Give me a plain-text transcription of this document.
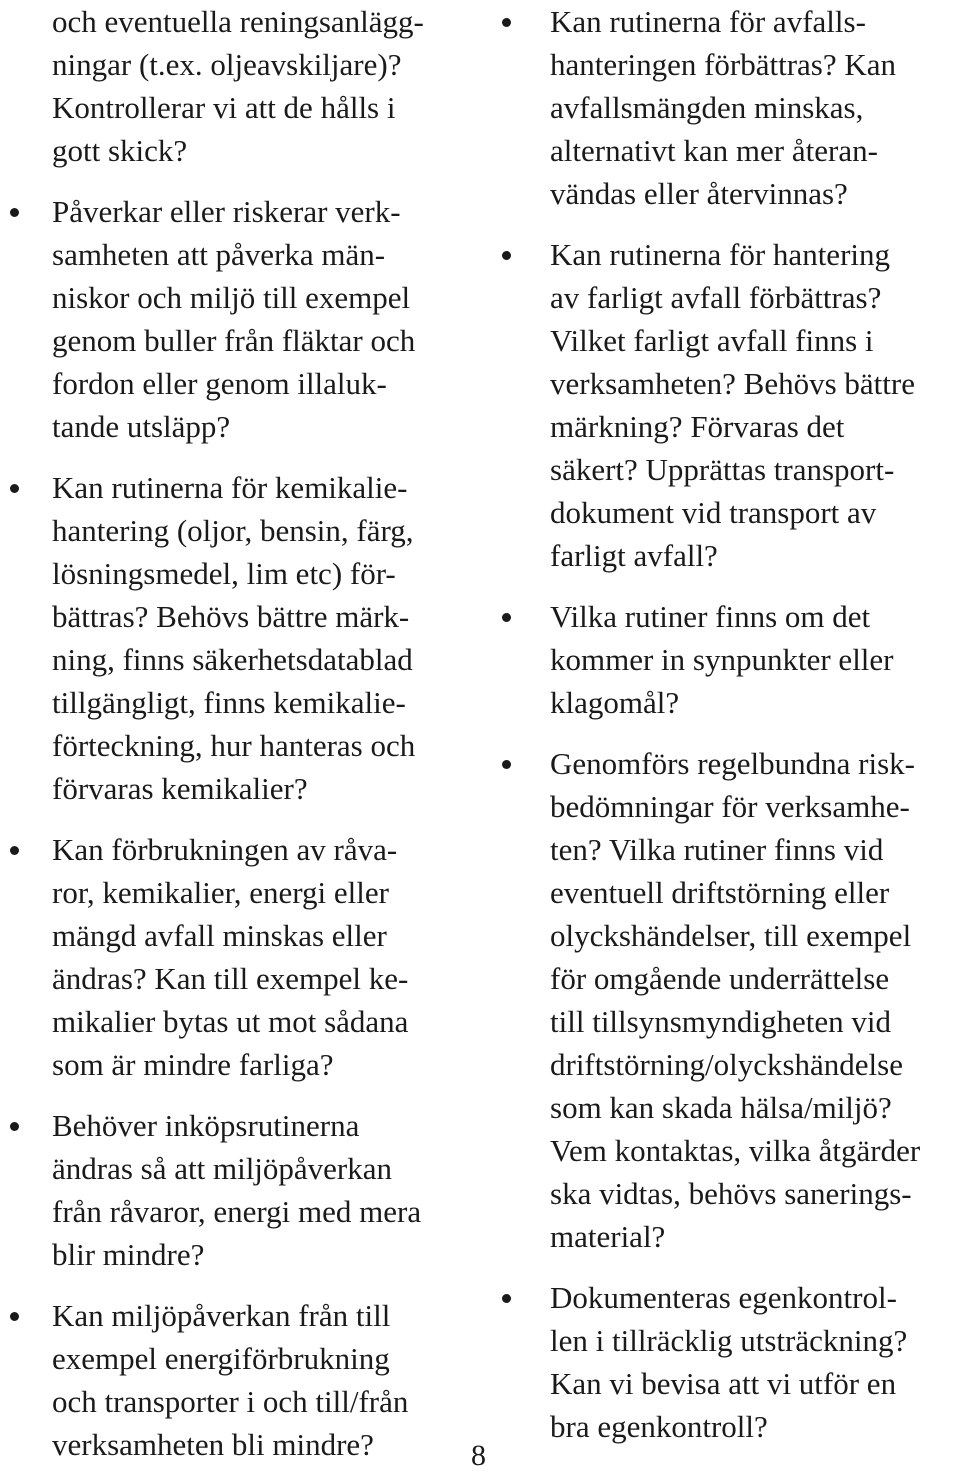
och eventuella reningsanlägg-
ningar (t.ex. oljeavskiljare)?
Kontrollerar vi att de hålls i
gott skick?
Påverkar eller riskerar verk-
samheten att påverka män-
niskor och miljö till exempel
genom buller från fläktar och
fordon eller genom illaluk-
tande utsläpp?
Kan rutinerna för kemikalie-
hantering (oljor, bensin, färg,
lösningsmedel, lim etc) för-
bättras? Behövs bättre märk-
ning, finns säkerhetsdatablad
tillgängligt, finns kemikalie-
förteckning, hur hanteras och
förvaras kemikalier?
Kan förbrukningen av råva-
ror, kemikalier, energi eller
mängd avfall minskas eller
ändras? Kan till exempel ke-
mikalier bytas ut mot sådana
som är mindre farliga?
Behöver inköpsrutinerna
ändras så att miljöpåverkan
från råvaror, energi med mera
blir mindre?
Kan miljöpåverkan från till
exempel energiförbrukning
och transporter i och till/från
verksamheten bli mindre?
Kan rutinerna för avfalls-
hanteringen förbättras? Kan
avfallsmängden minskas,
alternativt kan mer återan-
vändas eller återvinnas?
Kan rutinerna för hantering
av farligt avfall förbättras?
Vilket farligt avfall finns i
verksamheten? Behövs bättre
märkning? Förvaras det
säkert? Upprättas transport-
dokument vid transport av
farligt avfall?
Vilka rutiner finns om det
kommer in synpunkter eller
klagomål?
Genomförs regelbundna risk-
bedömningar för verksamhe-
ten? Vilka rutiner finns vid
eventuell driftstörning eller
olyckshändelser, till exempel
för omgående underrättelse
till tillsynsmyndigheten vid
driftstörning/olyckshändelse
som kan skada hälsa/miljö?
Vem kontaktas, vilka åtgärder
ska vidtas, behövs sanerings-
material?
Dokumenteras egenkontrol-
len i tillräcklig utsträckning?
Kan vi bevisa att vi utför en
bra egenkontroll?
8
